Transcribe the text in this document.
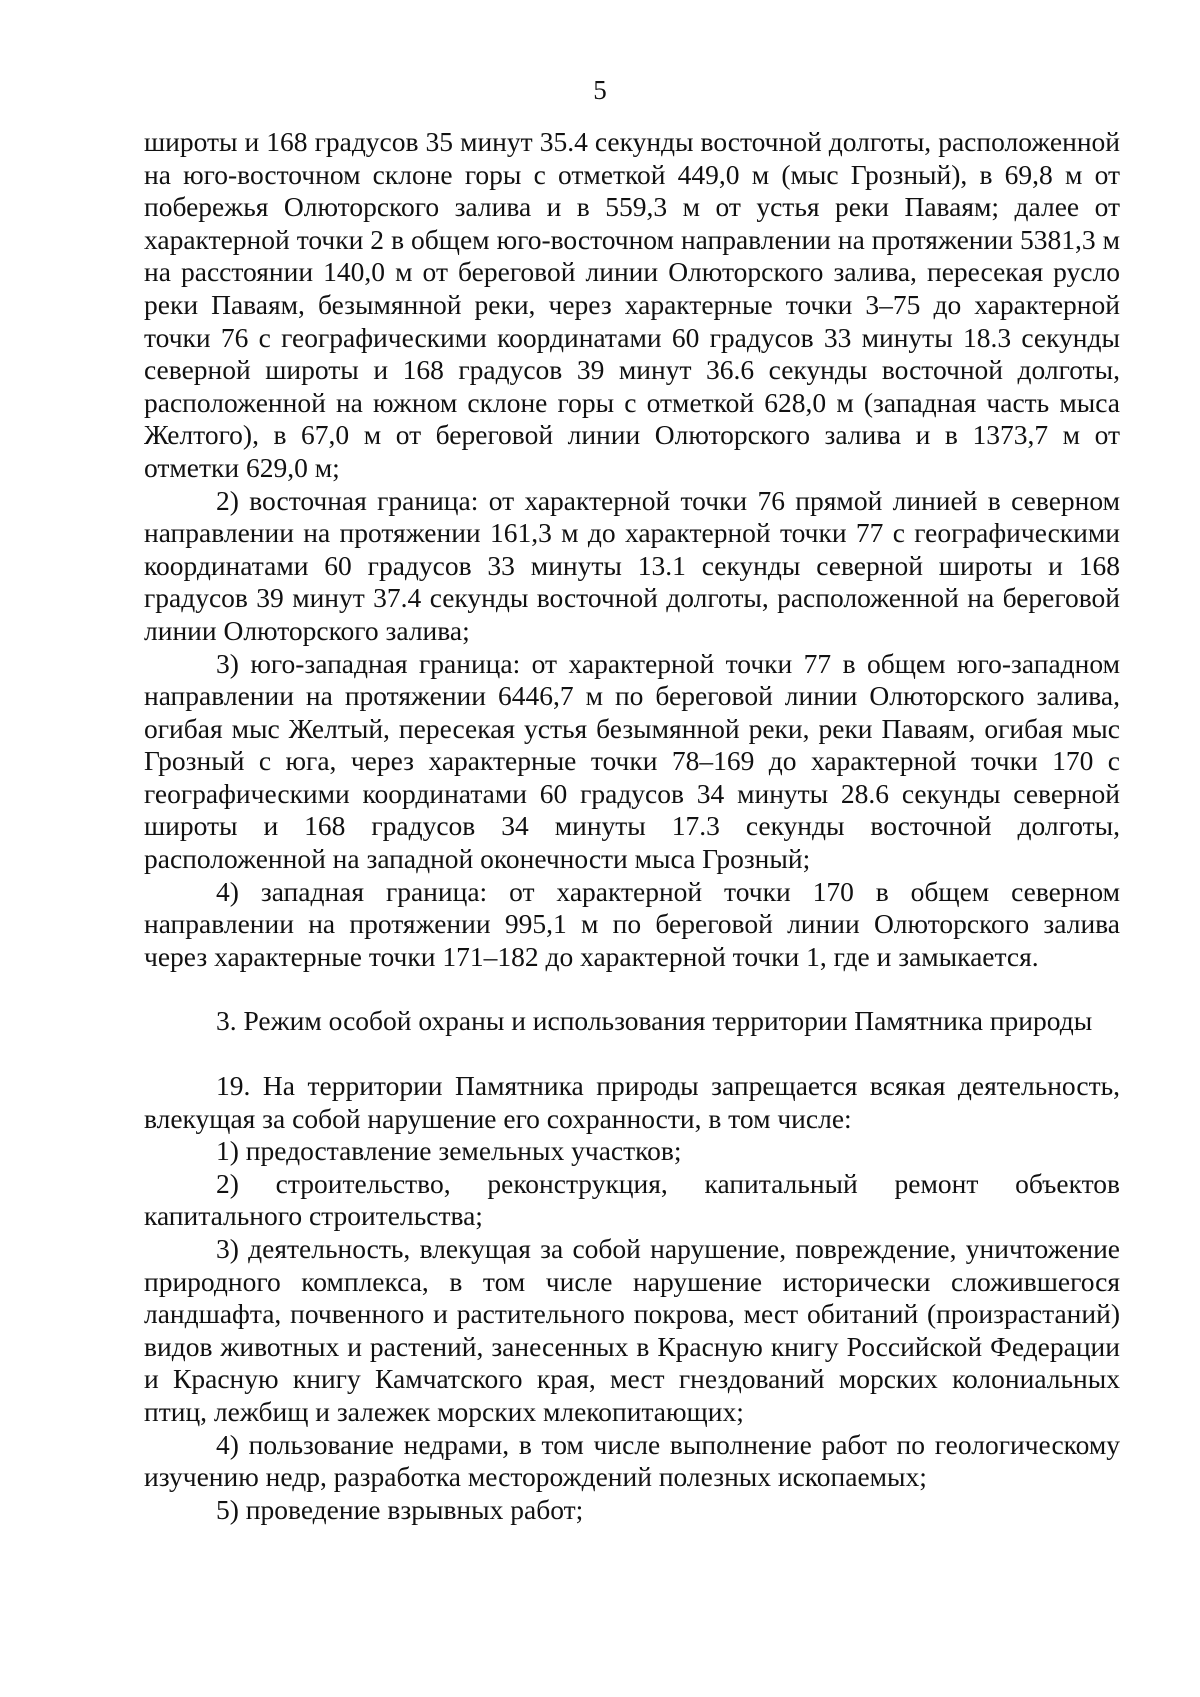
5

широты и 168 градусов 35 минут 35.4 секунды восточной долготы, расположенной на юго-восточном склоне горы с отметкой 449,0 м (мыс Грозный), в 69,8 м от побережья Олюторского залива и в 559,3 м от устья реки Паваям; далее от характерной точки 2 в общем юго-восточном направлении на протяжении 5381,3 м на расстоянии 140,0 м от береговой линии Олюторского залива, пересекая русло реки Паваям, безымянной реки, через характерные точки 3–75 до характерной точки 76 с географическими координатами 60 градусов 33 минуты 18.3 секунды северной широты и 168 градусов 39 минут 36.6 секунды восточной долготы, расположенной на южном склоне горы с отметкой 628,0 м (западная часть мыса Желтого), в 67,0 м от береговой линии Олюторского залива и в 1373,7 м от отметки 629,0 м;

2) восточная граница: от характерной точки 76 прямой линией в северном направлении на протяжении 161,3 м до характерной точки 77 с географическими координатами 60 градусов 33 минуты 13.1 секунды северной широты и 168 градусов 39 минут 37.4 секунды восточной долготы, расположенной на береговой линии Олюторского залива;

3) юго-западная граница: от характерной точки 77 в общем юго-западном направлении на протяжении 6446,7 м по береговой линии Олюторского залива, огибая мыс Желтый, пересекая устья безымянной реки, реки Паваям, огибая мыс Грозный с юга, через характерные точки 78–169 до характерной точки 170 с географическими координатами 60 градусов 34 минуты 28.6 секунды северной широты и 168 градусов 34 минуты 17.3 секунды восточной долготы, расположенной на западной оконечности мыса Грозный;

4) западная граница: от характерной точки 170 в общем северном направлении на протяжении 995,1 м по береговой линии Олюторского залива через характерные точки 171–182 до характерной точки 1, где и замыкается.

3. Режим особой охраны и использования территории Памятника природы

19. На территории Памятника природы запрещается всякая деятельность, влекущая за собой нарушение его сохранности, в том числе:

1) предоставление земельных участков;

2) строительство, реконструкция, капитальный ремонт объектов капитального строительства;

3) деятельность, влекущая за собой нарушение, повреждение, уничтожение природного комплекса, в том числе нарушение исторически сложившегося ландшафта, почвенного и растительного покрова, мест обитаний (произрастаний) видов животных и растений, занесенных в Красную книгу Российской Федерации и Красную книгу Камчатского края, мест гнездований морских колониальных птиц, лежбищ и залежек морских млекопитающих;

4) пользование недрами, в том числе выполнение работ по геологическому изучению недр, разработка месторождений полезных ископаемых;

5) проведение взрывных работ;
